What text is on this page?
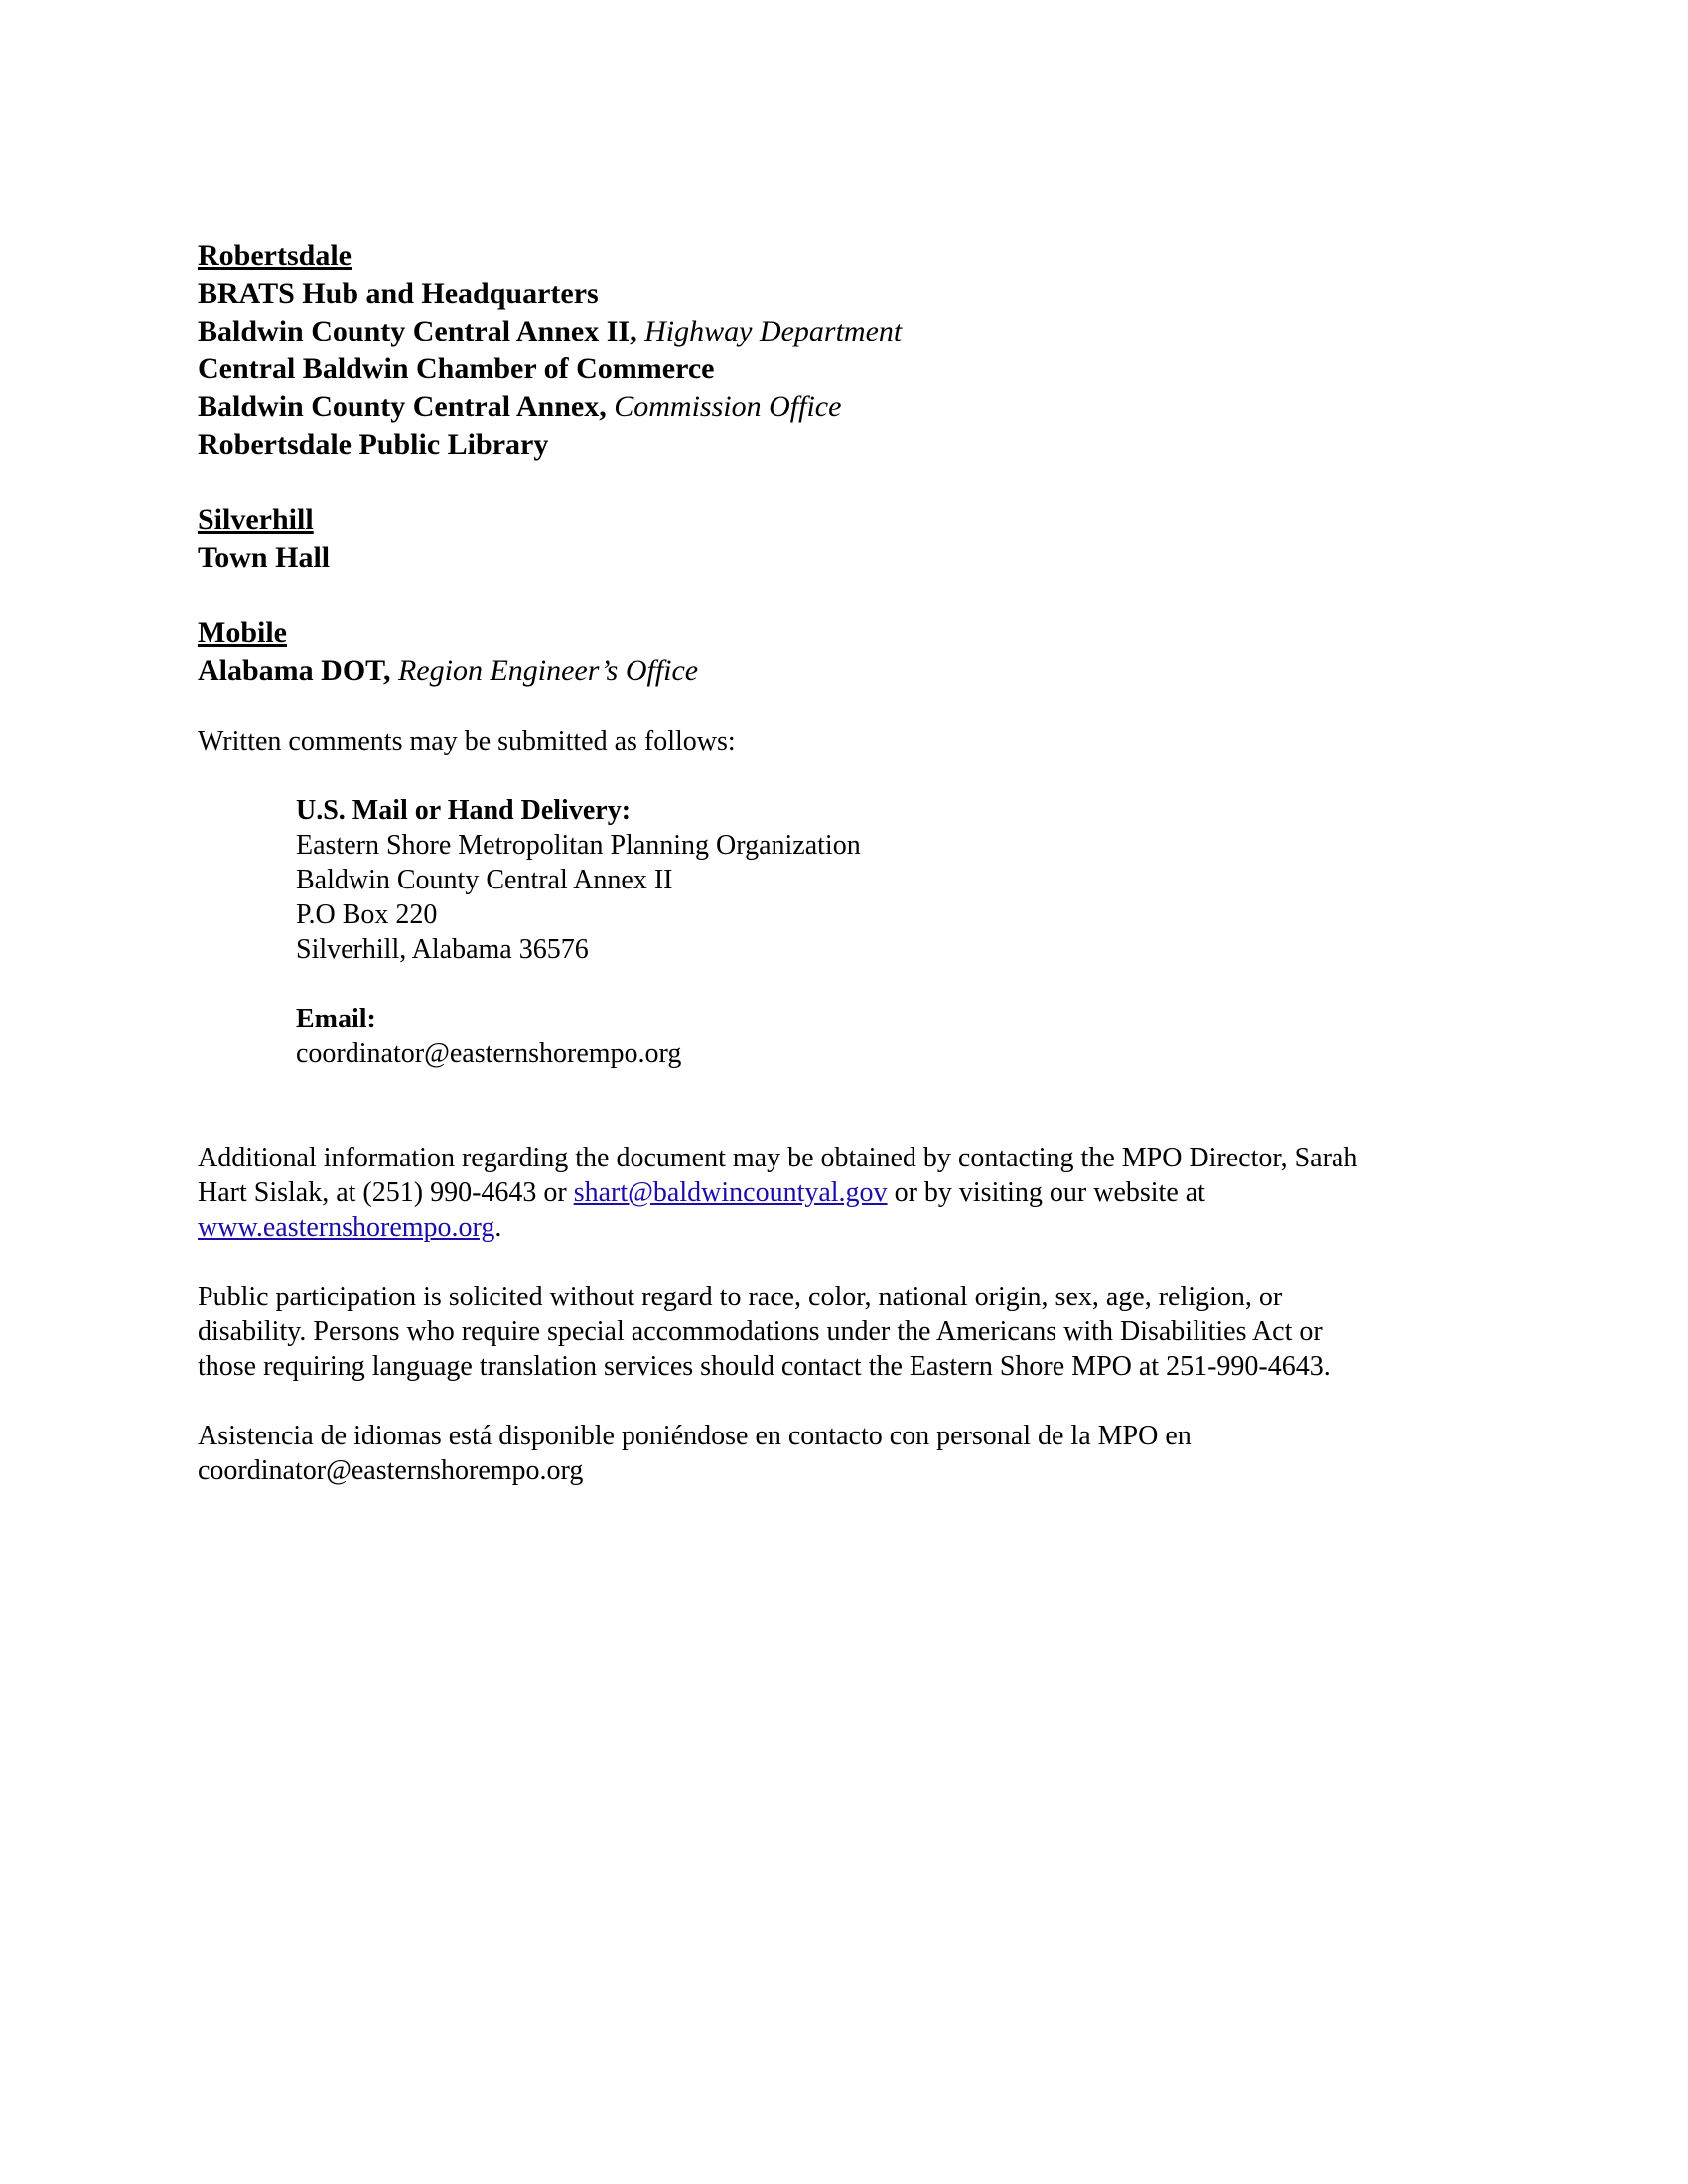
Robertsdale
BRATS Hub and Headquarters
Baldwin County Central Annex II, Highway Department
Central Baldwin Chamber of Commerce
Baldwin County Central Annex, Commission Office
Robertsdale Public Library
Silverhill
Town Hall
Mobile
Alabama DOT, Region Engineer’s Office
Written comments may be submitted as follows:
U.S. Mail or Hand Delivery:
Eastern Shore Metropolitan Planning Organization
Baldwin County Central Annex II
P.O Box 220
Silverhill, Alabama 36576
Email:
coordinator@easternshorempo.org
Additional information regarding the document may be obtained by contacting the MPO Director, Sarah
Hart Sislak, at (251) 990-4643 or shart@baldwincountyal.gov or by visiting our website at
www.easternshorempo.org.
Public participation is solicited without regard to race, color, national origin, sex, age, religion, or
disability. Persons who require special accommodations under the Americans with Disabilities Act or
those requiring language translation services should contact the Eastern Shore MPO at 251-990-4643.
Asistencia de idiomas está disponible poniéndose en contacto con personal de la MPO en
coordinator@easternshorempo.org
